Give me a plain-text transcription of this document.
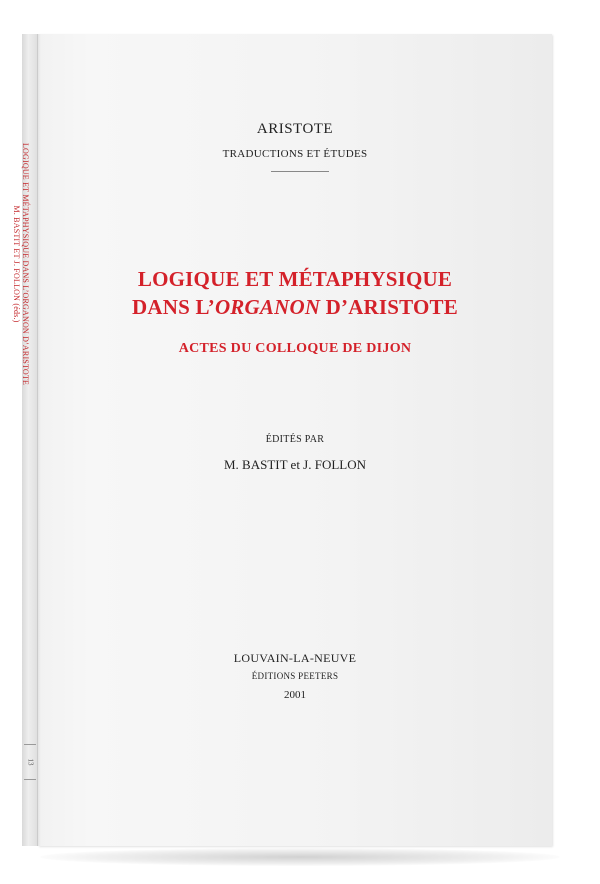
LOGIQUE ET MÉTAPHYSIQUE DANS L’ORGANON D’ARISTOTE
M. BASTIT ET J. FOLLON (éds.)
13
ARISTOTE
TRADUCTIONS ET ÉTUDES
LOGIQUE ET MÉTAPHYSIQUE
DANS L’ORGANON D’ARISTOTE
ACTES DU COLLOQUE DE DIJON
ÉDITÉS PAR
M. BASTIT et J. FOLLON
LOUVAIN-LA-NEUVE
ÉDITIONS PEETERS
2001
